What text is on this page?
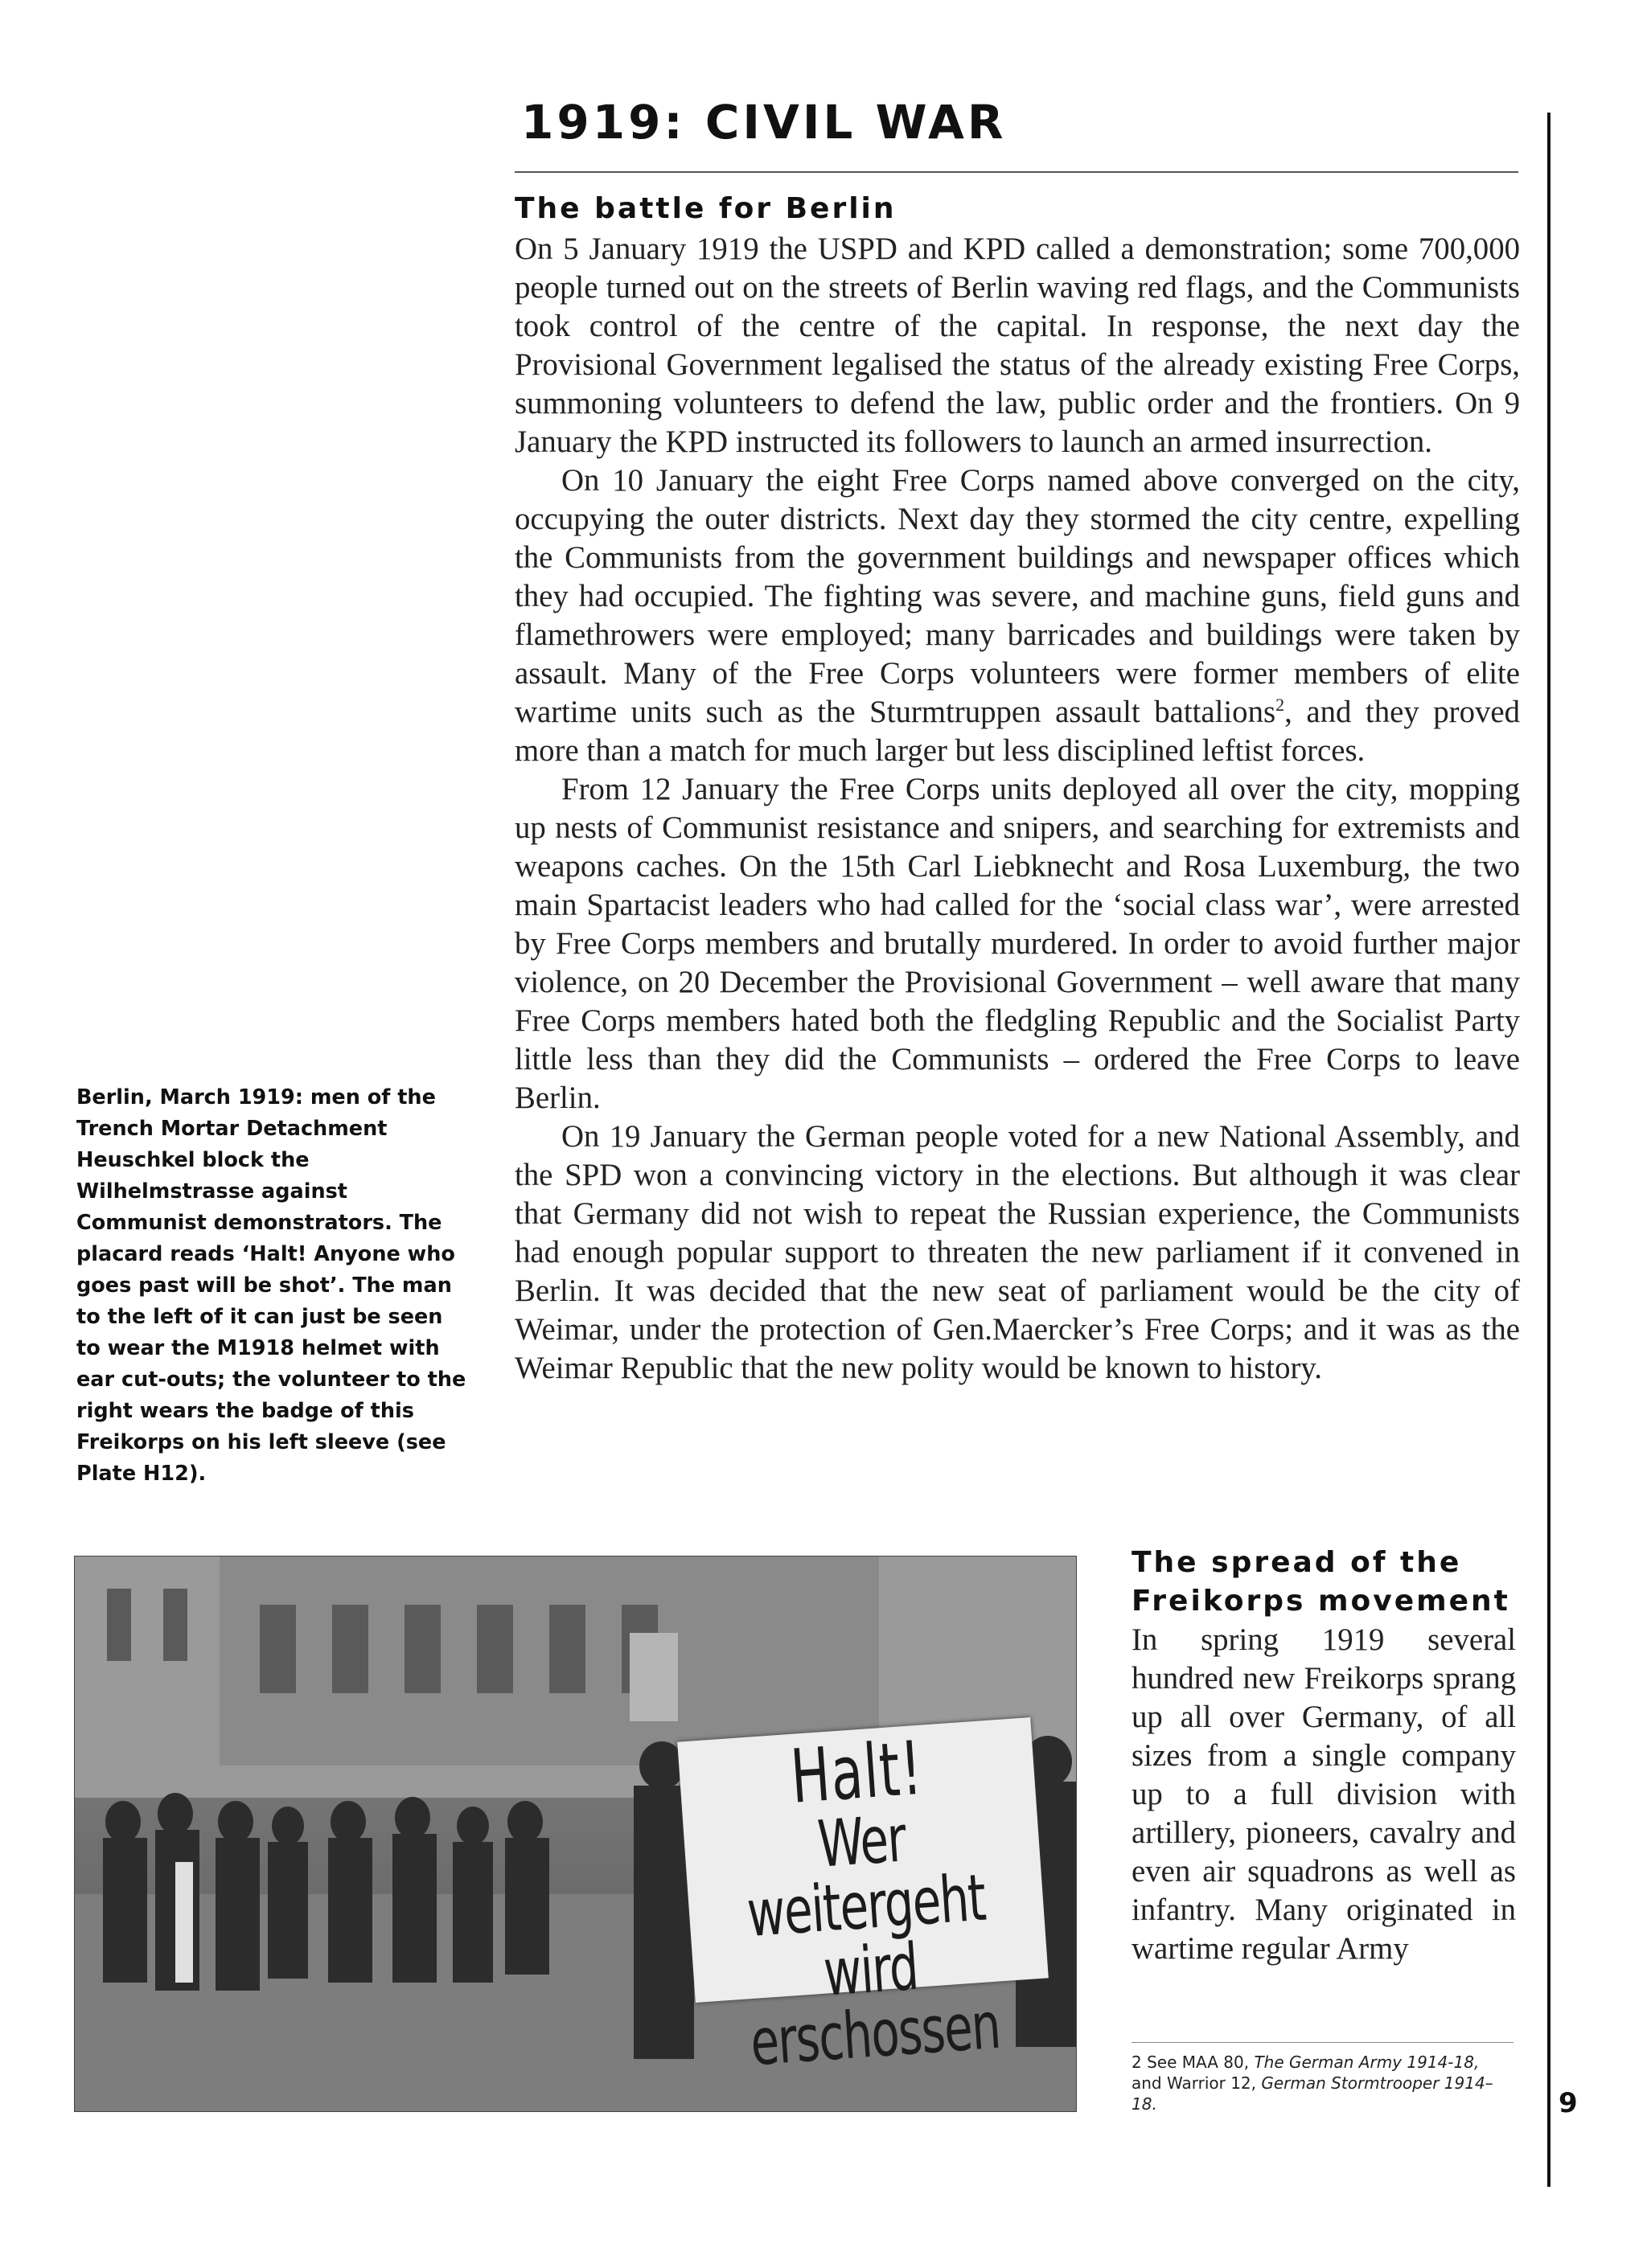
1919: CIVIL WAR
The battle for Berlin

On 5 January 1919 the USPD and KPD called a demonstration; some 700,000 people turned out on the streets of Berlin waving red flags, and the Communists took control of the centre of the capital. In response, the next day the Provisional Government legalised the status of the already existing Free Corps, summoning volunteers to defend the law, public order and the frontiers. On 9 January the KPD instructed its followers to launch an armed insurrection.

On 10 January the eight Free Corps named above converged on the city, occupying the outer districts. Next day they stormed the city centre, expelling the Communists from the government buildings and newspaper offices which they had occupied. The fighting was severe, and machine guns, field guns and flamethrowers were employed; many barricades and buildings were taken by assault. Many of the Free Corps volunteers were former members of elite wartime units such as the Sturmtruppen assault battalions$^2$, and they proved more than a match for much larger but less disciplined leftist forces.

From 12 January the Free Corps units deployed all over the city, mopping up nests of Communist resistance and snipers, and searching for extremists and weapons caches. On the 15th Carl Liebknecht and Rosa Luxemburg, the two main Spartacist leaders who had called for the ‘social class war’, were arrested by Free Corps members and brutally murdered. In order to avoid further major violence, on 20 December the Provisional Government – well aware that many Free Corps members hated both the fledgling Republic and the Socialist Party little less than they did the Communists – ordered the Free Corps to leave Berlin.

On 19 January the German people voted for a new National Assembly, and the SPD won a convincing victory in the elections. But although it was clear that Germany did not wish to repeat the Russian experience, the Communists had enough popular support to threaten the new parliament if it convened in Berlin. It was decided that the new seat of parliament would be the city of Weimar, under the protection of Gen.Maercker’s Free Corps; and it was as the Weimar Republic that the new polity would be known to history.

Berlin, March 1919: men of the Trench Mortar Detachment Heuschkel block the Wilhelmstrasse against Communist demonstrators. The placard reads ‘Halt! Anyone who goes past will be shot’. The man to the left of it can just be seen to wear the M1918 helmet with ear cut-outs; the volunteer to the right wears the badge of this Freikorps on his left sleeve (see Plate H12).

Halt!
Wer weitergeht
wird erschossen
The spread of the Freikorps movement

In spring 1919 several hundred new Freikorps sprang up all over Germany, of all sizes from a single company up to a full division with artillery, pioneers, cavalry and even air squadrons as well as infantry. Many originated in wartime regular Army

2 See MAA 80, The German Army 1914-18, and Warrior 12, German Stormtrooper 1914–18.	9
